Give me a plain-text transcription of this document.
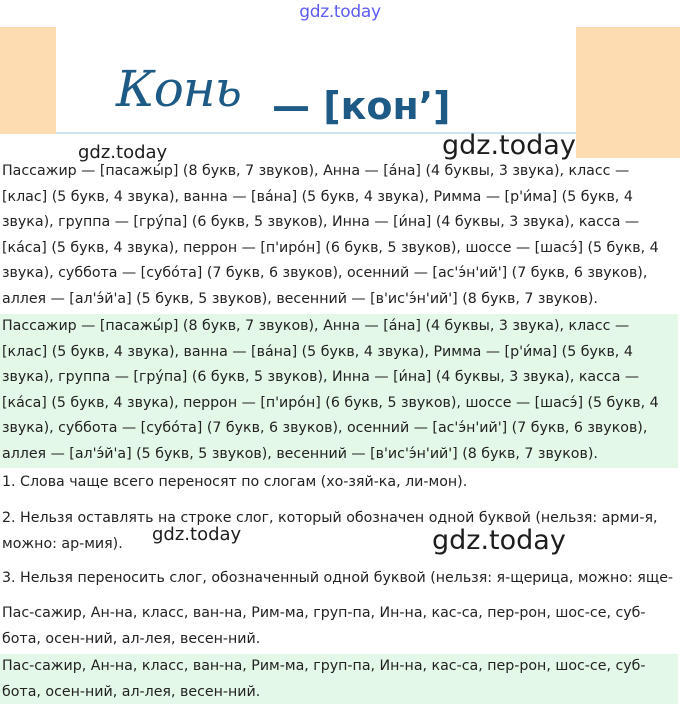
gdz.today
Конь — [кон’]
gdz.today	gdz.today
Пассажир — [пасажы́р] (8 букв, 7 звуков), Анна — [а́на] (4 буквы, 3 звука), класс — [клас] (5 букв, 4 звука), ванна — [ва́на] (5 букв, 4 звука), Римма — [р'и́ма] (5 букв, 4 звука), группа — [гру́па] (6 букв, 5 звуков), Инна — [и́на] (4 буквы, 3 звука), касса — [ка́са] (5 букв, 4 звука), перрон — [п'иро́н] (6 букв, 5 звуков), шоссе — [шасэ́] (5 букв, 4 звука), суббота — [субо́та] (7 букв, 6 звуков), осенний — [ас'э́н'ий'] (7 букв, 6 звуков), аллея — [ал'э́й'а] (5 букв, 5 звуков), весенний — [в'ис'э́н'ий'] (8 букв, 7 звуков).
Пассажир — [пасажы́р] (8 букв, 7 звуков), Анна — [а́на] (4 буквы, 3 звука), класс — [клас] (5 букв, 4 звука), ванна — [ва́на] (5 букв, 4 звука), Римма — [р'и́ма] (5 букв, 4 звука), группа — [гру́па] (6 букв, 5 звуков), Инна — [и́на] (4 буквы, 3 звука), касса — [ка́са] (5 букв, 4 звука), перрон — [п'иро́н] (6 букв, 5 звуков), шоссе — [шасэ́] (5 букв, 4 звука), суббота — [субо́та] (7 букв, 6 звуков), осенний — [ас'э́н'ий'] (7 букв, 6 звуков), аллея — [ал'э́й'а] (5 букв, 5 звуков), весенний — [в'ис'э́н'ий'] (8 букв, 7 звуков).
1. Слова чаще всего переносят по слогам (хо-зяй-ка, ли-мон).
2. Нельзя оставлять на строке слог, который обозначен одной буквой (нельзя: арми-я, можно: ар-мия).
3. Нельзя переносить слог, обозначенный одной буквой (нельзя: я-щерица, можно: яще-
gdz.today	gdz.today
Пас-сажир, Ан-на, класс, ван-на, Рим-ма, груп-па, Ин-на, кас-са, пер-рон, шос-се, суб-бота, осен-ний, ал-лея, весен-ний.
Пас-сажир, Ан-на, класс, ван-на, Рим-ма, груп-па, Ин-на, кас-са, пер-рон, шос-се, суб-бота, осен-ний, ал-лея, весен-ний.
